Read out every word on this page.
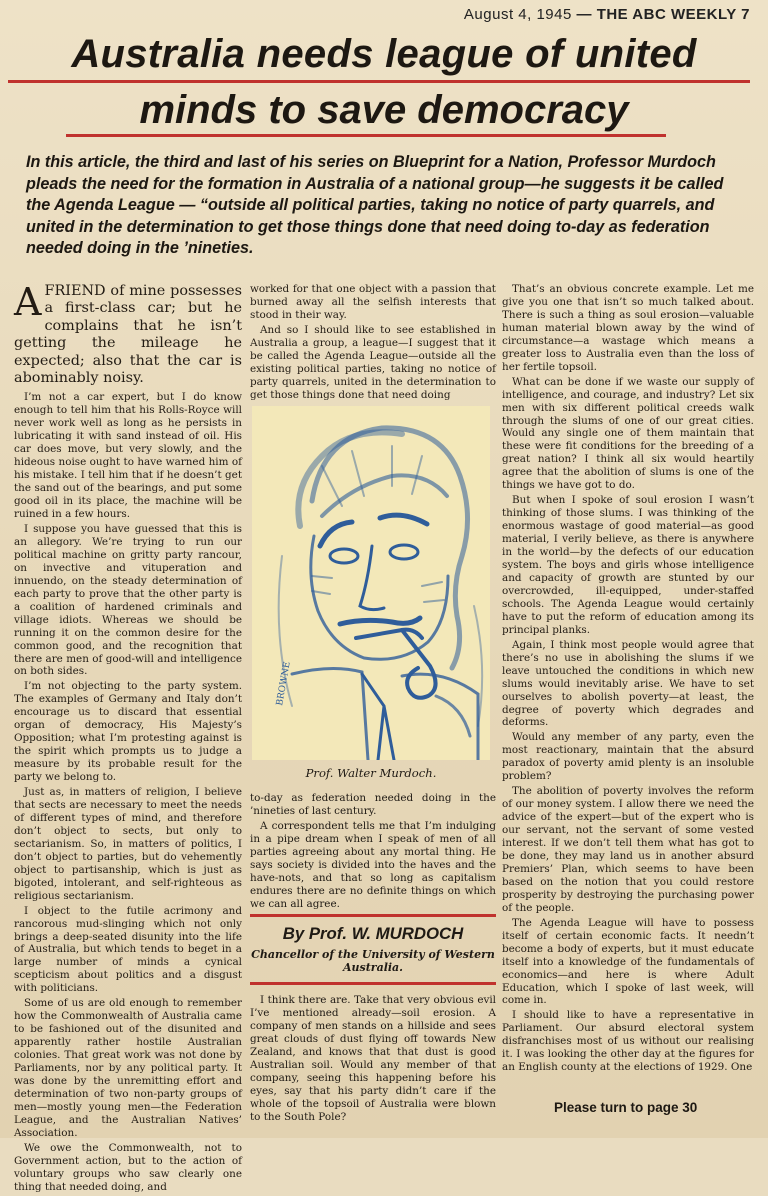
August 4, 1945 — THE ABC WEEKLY 7
Australia needs league of united
minds to save democracy
In this article, the third and last of his series on Blueprint for a Nation, Professor Murdoch pleads the need for the formation in Australia of a national group—he suggests it be called the Agenda League — “outside all political parties, taking no notice of party quarrels, and united in the determination to get those things done that need doing to-day as federation needed doing in the ’nineties.

AFRIEND of mine possesses a first-class car; but he complains that he isn’t getting the mileage he expected; also that the car is abominably noisy.

I’m not a car expert, but I do know enough to tell him that his Rolls-Royce will never work well as long as he persists in lubricating it with sand instead of oil. His car does move, but very slowly, and the hideous noise ought to have warned him of his mistake. I tell him that if he doesn’t get the sand out of the bearings, and put some good oil in its place, the machine will be ruined in a few hours.

I suppose you have guessed that this is an allegory. We’re trying to run our political machine on gritty party rancour, on invective and vituperation and innuendo, on the steady determination of each party to prove that the other party is a coalition of hardened criminals and village idiots. Whereas we should be running it on the common desire for the common good, and the recognition that there are men of good-will and intelligence on both sides.

I’m not objecting to the party system. The examples of Germany and Italy don’t encourage us to discard that essential organ of democracy, His Majesty’s Opposition; what I’m protesting against is the spirit which prompts us to judge a measure by its probable result for the party we belong to.

Just as, in matters of religion, I believe that sects are necessary to meet the needs of different types of mind, and therefore don’t object to sects, but only to sectarianism. So, in matters of politics, I don’t object to parties, but do vehemently object to partisanship, which is just as bigoted, intolerant, and self-righteous as religious sectarianism.

I object to the futile acrimony and rancorous mud-slinging which not only brings a deep-seated disunity into the life of Australia, but which tends to beget in a large number of minds a cynical scepticism about politics and a disgust with politicians.

Some of us are old enough to remember how the Commonwealth of Australia came to be fashioned out of the disunited and apparently rather hostile Australian colonies. That great work was not done by Parliaments, nor by any political party. It was done by the unremitting effort and determination of two non-party groups of men—mostly young men—the Federation League, and the Australian Natives’ Association.

We owe the Commonwealth, not to Government action, but to the action of voluntary groups who saw clearly one thing that needed doing, and

worked for that one object with a passion that burned away all the selfish interests that stood in their way.

And so I should like to see established in Australia a group, a league—I suggest that it be called the Agenda League—outside all the existing political parties, taking no notice of party quarrels, united in the determination to get those things done that need doing

BROWNE
Prof. Walter Murdoch.

to-day as federation needed doing in the ’nineties of last century.

A correspondent tells me that I’m indulging in a pipe dream when I speak of men of all parties agreeing about any mortal thing. He says society is divided into the haves and the have-nots, and that so long as capitalism endures there are no definite things on which we can all agree.

By Prof. W. MURDOCH
Chancellor of the University of Western Australia.

I think there are. Take that very obvious evil I’ve mentioned already—soil erosion. A company of men stands on a hillside and sees great clouds of dust flying off towards New Zealand, and knows that that dust is good Australian soil. Would any member of that company, seeing this happening before his eyes, say that his party didn’t care if the whole of the topsoil of Australia were blown to the South Pole?

That’s an obvious concrete example. Let me give you one that isn’t so much talked about. There is such a thing as soul erosion—valuable human material blown away by the wind of circumstance—a wastage which means a greater loss to Australia even than the loss of her fertile topsoil.

What can be done if we waste our supply of intelligence, and courage, and industry? Let six men with six different political creeds walk through the slums of one of our great cities. Would any single one of them maintain that these were fit conditions for the breeding of a great nation? I think all six would heartily agree that the abolition of slums is one of the things we have got to do.

But when I spoke of soul erosion I wasn’t thinking of those slums. I was thinking of the enormous wastage of good material—as good material, I verily believe, as there is anywhere in the world—by the defects of our education system. The boys and girls whose intelligence and capacity of growth are stunted by our overcrowded, ill-equipped, under-staffed schools. The Agenda League would certainly have to put the reform of education among its principal planks.

Again, I think most people would agree that there’s no use in abolishing the slums if we leave untouched the conditions in which new slums would inevitably arise. We have to set ourselves to abolish poverty—at least, the degree of poverty which degrades and deforms.

Would any member of any party, even the most reactionary, maintain that the absurd paradox of poverty amid plenty is an insoluble problem?

The abolition of poverty involves the reform of our money system. I allow there we need the advice of the expert—but of the expert who is our servant, not the servant of some vested interest. If we don’t tell them what has got to be done, they may land us in another absurd Premiers’ Plan, which seems to have been based on the notion that you could restore prosperity by destroying the purchasing power of the people.

The Agenda League will have to possess itself of certain economic facts. It needn’t become a body of experts, but it must educate itself into a knowledge of the fundamentals of economics—and here is where Adult Education, which I spoke of last week, will come in.

I should like to have a representative in Parliament. Our absurd electoral system disfranchises most of us without our realising it. I was looking the other day at the figures for an English county at the elections of 1929. One

Please turn to page 30
